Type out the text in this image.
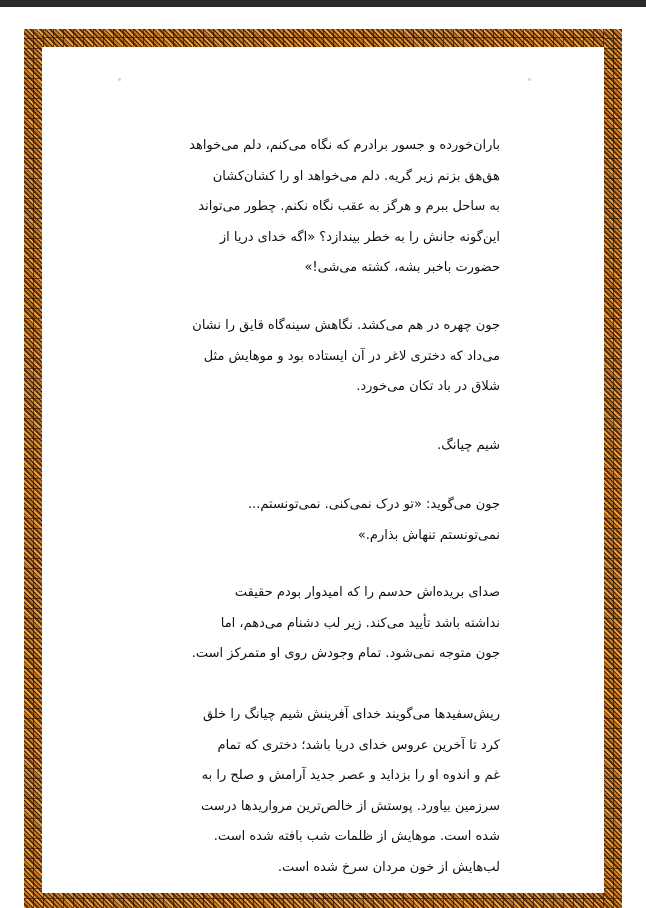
باران‌خورده و جسور برادرم که نگاه می‌کنم، دلم می‌خواهد
هق‌هق بزنم زیر گریه. دلم می‌خواهد او را کشان‌کشان
به ساحل ببرم و هرگز به عقب نگاه نکنم. چطور می‌تواند
این‌گونه جانش را به خطر بیندازد؟ «اگه خدای دریا از
حضورت باخبر بشه، کشته می‌شی!»
جون چهره در هم می‌کشد. نگاهش سینه‌گاه قایق را نشان
می‌داد که دختری لاغر در آن ایستاده بود و موهایش مثل
شلاق در باد تکان می‌خورد.
شیم چیانگ.
جون می‌گوید: «تو درک نمی‌کنی. نمی‌تونستم...
نمی‌تونستم تنهاش بذارم.»
صدای بریده‌اش حدسم را که امیدوار بودم حقیقت
نداشته باشد تأیید می‌کند. زیر لب دشنام می‌دهم، اما
جون متوجه نمی‌شود. تمام وجودش روی او متمرکز است.
ریش‌سفیدها می‌گویند خدای آفرینش شیم چیانگ را خلق
کرد تا آخرین عروس خدای دریا باشد؛ دختری که تمام
غم و اندوه او را بزداید و عصر جدید آرامش و صلح را به
سرزمین بیاورد. پوستش از خالص‌ترین مرواریدها درست
شده است. موهایش از ظلمات شب بافته شده است.
لب‌هایش از خون مردان سرخ شده است.
